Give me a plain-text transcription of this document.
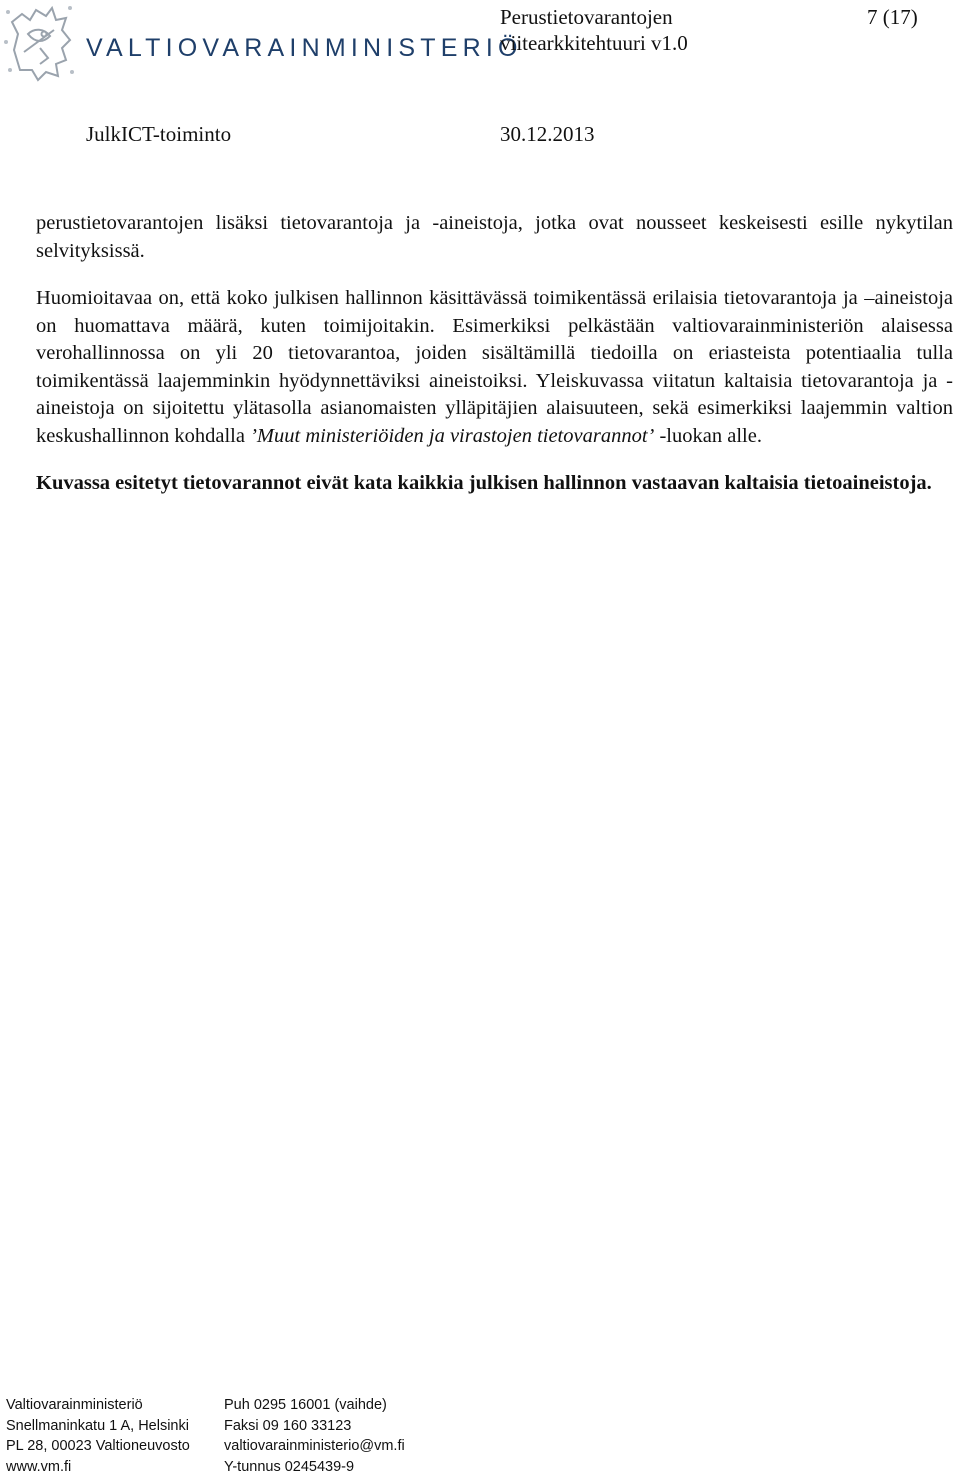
VALTIOVARAINMINISTERIÖ
Perustietovarantojen
viitearkkitehtuuri v1.0
7 (17)
JulkICT-toiminto	30.12.2013

perustietovarantojen lisäksi tietovarantoja ja -aineistoja, jotka ovat nousseet keskeisesti esille nykytilan selvityksissä.

Huomioitavaa on, että koko julkisen hallinnon käsittävässä toimikentässä erilaisia tietovarantoja ja –aineistoja on huomattava määrä, kuten toimijoitakin. Esimerkiksi pelkästään valtiovarainministeriön alaisessa verohallinnossa on yli 20 tietovarantoa, joiden sisältämillä tiedoilla on eriasteista potentiaalia tulla toimikentässä laajemminkin hyödynnettäviksi aineistoiksi. Yleiskuvassa viitatun kaltaisia tietovarantoja ja -aineistoja on sijoitettu ylätasolla asianomaisten ylläpitäjien alaisuuteen, sekä esimerkiksi laajemmin valtion keskushallinnon kohdalla ’Muut ministeriöiden ja virastojen tietovarannot’ -luokan alle.

Kuvassa esitetyt tietovarannot eivät kata kaikkia julkisen hallinnon vastaavan kaltaisia tietoaineistoja.

Valtiovarainministeriö
Snellmaninkatu 1 A, Helsinki
PL 28, 00023 Valtioneuvosto
www.vm.fi
Puh 0295 16001 (vaihde)
Faksi 09 160 33123
valtiovarainministerio@vm.fi
Y-tunnus 0245439-9
